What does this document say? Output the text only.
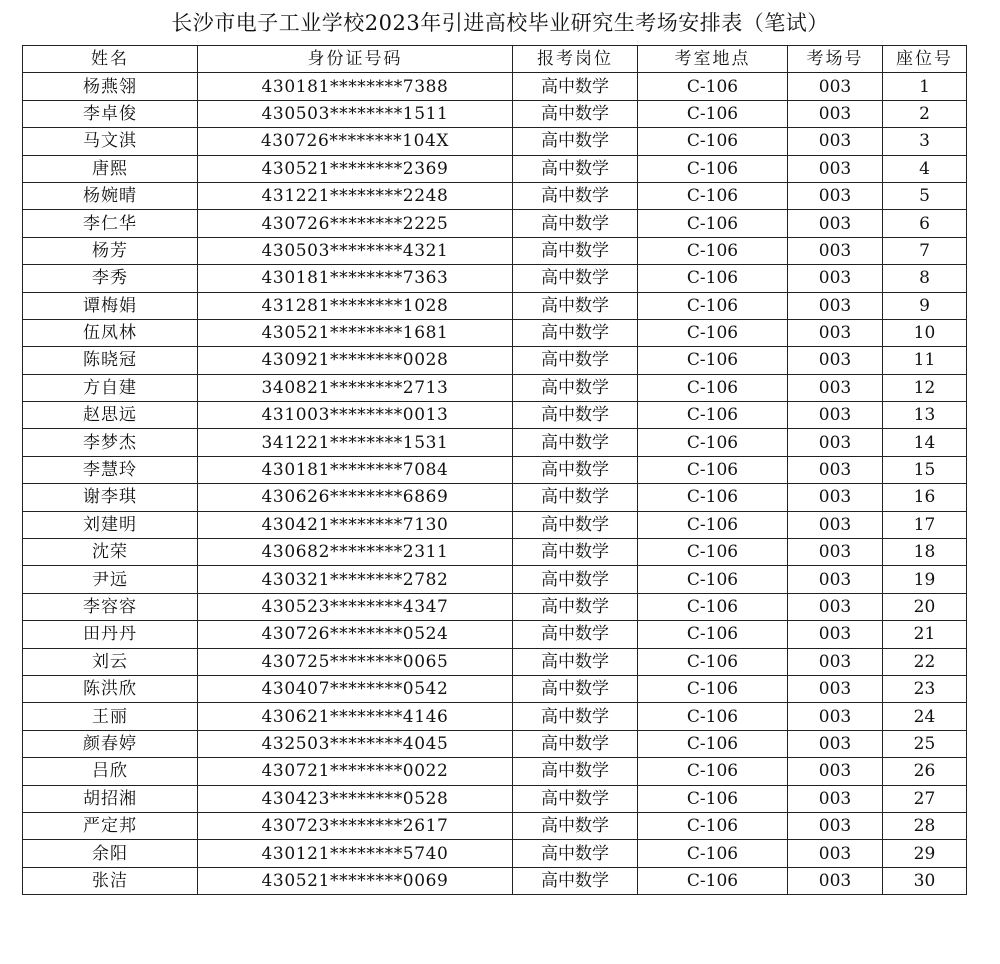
长沙市电子工业学校2023年引进高校毕业研究生考场安排表（笔试）
姓名	身份证号码	报考岗位	考室地点	考场号	座位号
杨燕翎	430181********7388	高中数学	C-106	003	1
李卓俊	430503********1511	高中数学	C-106	003	2
马文淇	430726********104X	高中数学	C-106	003	3
唐熙	430521********2369	高中数学	C-106	003	4
杨婉晴	431221********2248	高中数学	C-106	003	5
李仁华	430726********2225	高中数学	C-106	003	6
杨芳	430503********4321	高中数学	C-106	003	7
李秀	430181********7363	高中数学	C-106	003	8
谭梅娟	431281********1028	高中数学	C-106	003	9
伍凤林	430521********1681	高中数学	C-106	003	10
陈晓冠	430921********0028	高中数学	C-106	003	11
方自建	340821********2713	高中数学	C-106	003	12
赵思远	431003********0013	高中数学	C-106	003	13
李梦杰	341221********1531	高中数学	C-106	003	14
李慧玲	430181********7084	高中数学	C-106	003	15
谢李琪	430626********6869	高中数学	C-106	003	16
刘建明	430421********7130	高中数学	C-106	003	17
沈荣	430682********2311	高中数学	C-106	003	18
尹远	430321********2782	高中数学	C-106	003	19
李容容	430523********4347	高中数学	C-106	003	20
田丹丹	430726********0524	高中数学	C-106	003	21
刘云	430725********0065	高中数学	C-106	003	22
陈洪欣	430407********0542	高中数学	C-106	003	23
王丽	430621********4146	高中数学	C-106	003	24
颜春婷	432503********4045	高中数学	C-106	003	25
吕欣	430721********0022	高中数学	C-106	003	26
胡招湘	430423********0528	高中数学	C-106	003	27
严定邦	430723********2617	高中数学	C-106	003	28
余阳	430121********5740	高中数学	C-106	003	29
张洁	430521********0069	高中数学	C-106	003	30
